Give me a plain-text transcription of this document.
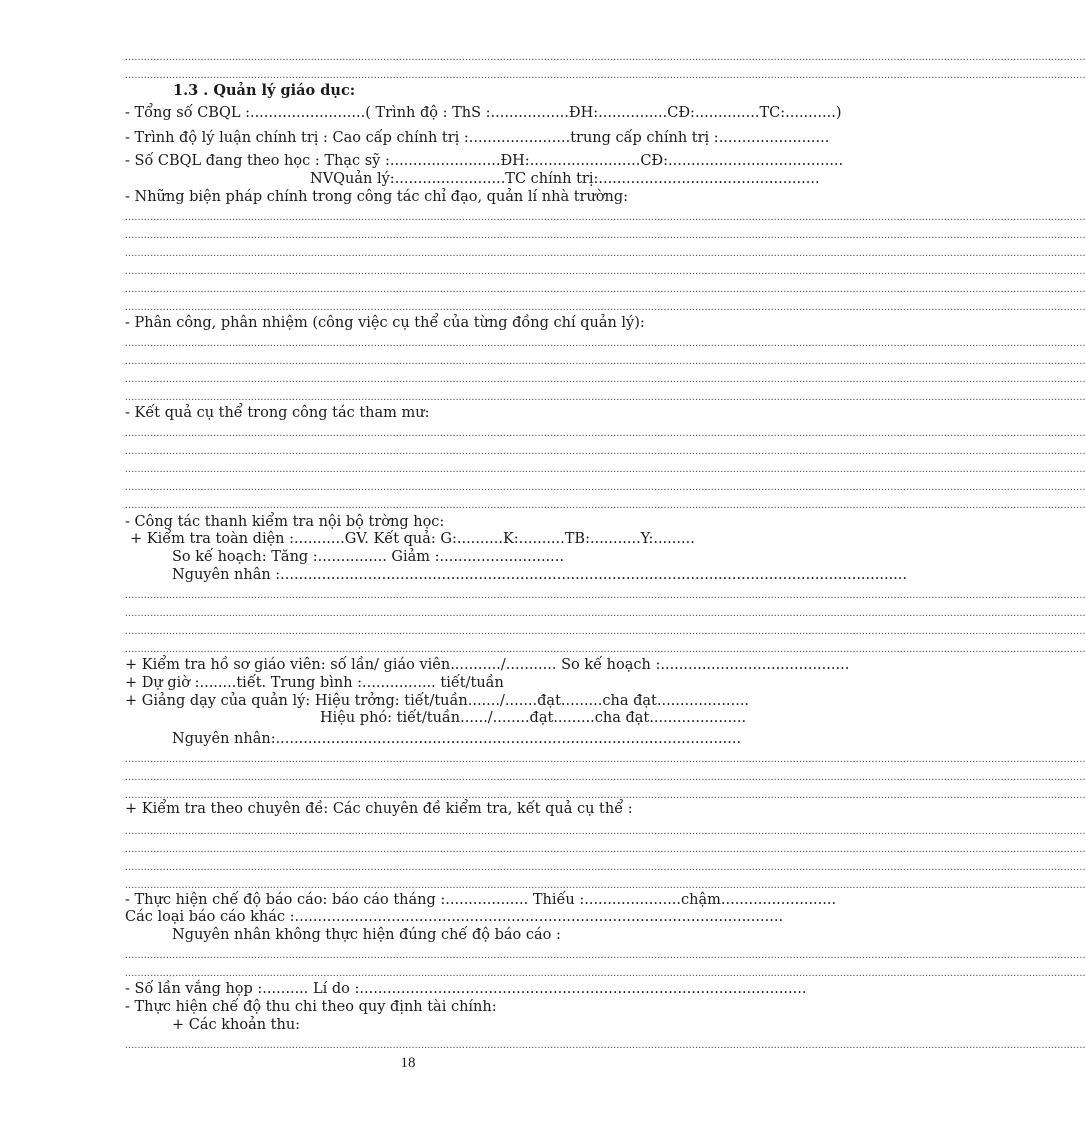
.................................................................................................................................................................................................................................................................................................................
.................................................................................................................................................................................................................................................................................................................
1.3 . Quản lý giáo dục:
- Tổng số CBQL :.........................( Trình độ : ThS :.................ĐH:...............CĐ:..............TC:...........)
- Trình độ lý luận chính trị : Cao cấp chính trị :......................trung cấp chính trị :........................
- Số CBQL đang theo học : Thạc sỹ :........................ĐH:........................CĐ:......................................
NVQuản lý:........................TC chính trị:................................................
- Những biện pháp chính trong công tác chỉ đạo, quản lí nhà trường:
.................................................................................................................................................................................................................................................................................................................
.................................................................................................................................................................................................................................................................................................................
.................................................................................................................................................................................................................................................................................................................
.................................................................................................................................................................................................................................................................................................................
.................................................................................................................................................................................................................................................................................................................
.................................................................................................................................................................................................................................................................................................................
- Phân công, phân nhiệm (công việc cụ thể của từng đồng chí quản lý):
.................................................................................................................................................................................................................................................................................................................
.................................................................................................................................................................................................................................................................................................................
.................................................................................................................................................................................................................................................................................................................
.................................................................................................................................................................................................................................................................................................................
- Kết quả cụ thể trong công tác tham mư:
.................................................................................................................................................................................................................................................................................................................
.................................................................................................................................................................................................................................................................................................................
.................................................................................................................................................................................................................................................................................................................
.................................................................................................................................................................................................................................................................................................................
.................................................................................................................................................................................................................................................................................................................
- Công tác thanh kiểm tra nội bộ trờng học:
+ Kiểm tra toàn diện :...........GV. Kết quả: G:..........K:..........TB:...........Y:.........
So kế hoạch: Tăng :............... Giảm :...........................
Nguyên nhân :........................................................................................................................................
.................................................................................................................................................................................................................................................................................................................
.................................................................................................................................................................................................................................................................................................................
.................................................................................................................................................................................................................................................................................................................
.................................................................................................................................................................................................................................................................................................................
+ Kiểm tra hồ sơ giáo viên: số lần/ giáo viên.........../........... So kế hoạch :.........................................
+ Dự giờ :........tiết. Trung bình :................ tiết/tuần
+ Giảng dạy của quản lý: Hiệu trởng: tiết/tuần......./.......đạt.........cha đạt....................
Hiệu phó: tiết/tuần....../........đạt.........cha đạt.....................
Nguyên nhân:.....................................................................................................
.................................................................................................................................................................................................................................................................................................................
.................................................................................................................................................................................................................................................................................................................
.................................................................................................................................................................................................................................................................................................................
+ Kiểm tra theo chuyên đề: Các chuyên đề kiểm tra, kết quả cụ thể :
.................................................................................................................................................................................................................................................................................................................
.................................................................................................................................................................................................................................................................................................................
.................................................................................................................................................................................................................................................................................................................
.................................................................................................................................................................................................................................................................................................................
- Thực hiện chế độ báo cáo: báo cáo tháng :.................. Thiếu :.....................chậm.........................
Các loại báo cáo khác :..........................................................................................................
Nguyên nhân không thực hiện đúng chế độ báo cáo :
.................................................................................................................................................................................................................................................................................................................
.................................................................................................................................................................................................................................................................................................................
- Số lần vắng họp :.......... Lí do :.................................................................................................
- Thực hiện chế độ thu chi theo quy định tài chính:
+ Các khoản thu:
.................................................................................................................................................................................................................................................................................................................
18
